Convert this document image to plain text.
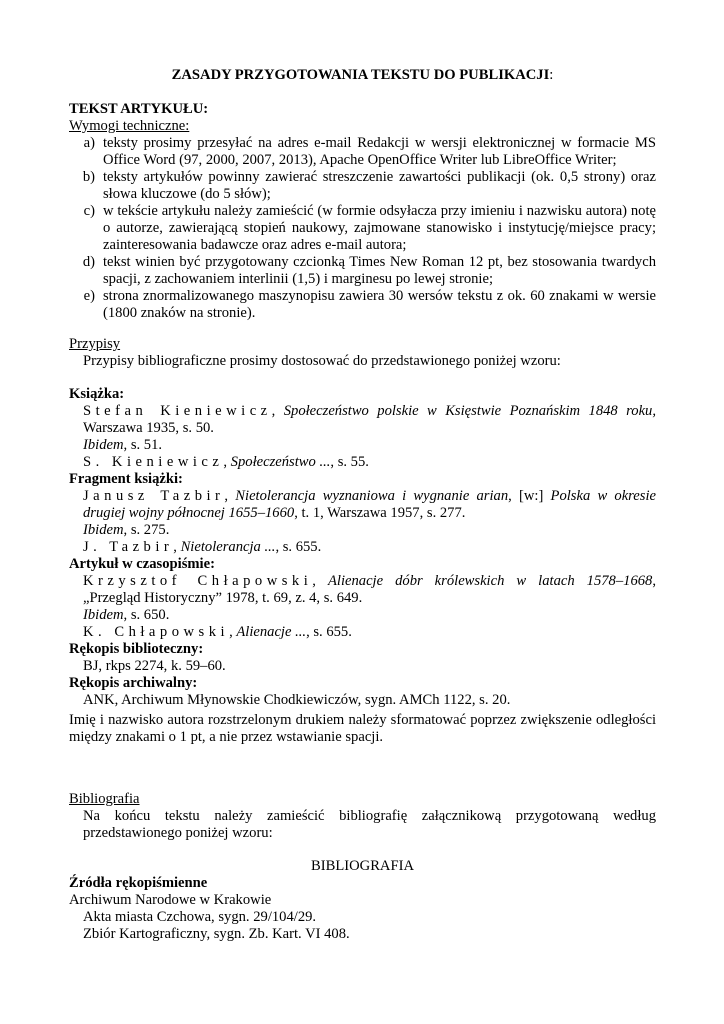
ZASADY PRZYGOTOWANIA TEKSTU DO PUBLIKACJI:
TEKST ARTYKUŁU:
Wymogi techniczne:
a) teksty prosimy przesyłać na adres e-mail Redakcji w wersji elektronicznej w formacie MS Office Word (97, 2000, 2007, 2013), Apache OpenOffice Writer lub LibreOffice Writer;
b) teksty artykułów powinny zawierać streszczenie zawartości publikacji (ok. 0,5 strony) oraz słowa kluczowe (do 5 słów);
c) w tekście artykułu należy zamieścić (w formie odsyłacza przy imieniu i nazwisku autora) notę o autorze, zawierającą stopień naukowy, zajmowane stanowisko i instytucję/miejsce pracy; zainteresowania badawcze oraz adres e-mail autora;
d) tekst winien być przygotowany czcionką Times New Roman 12 pt, bez stosowania twardych spacji, z zachowaniem interlinii (1,5) i marginesu po lewej stronie;
e) strona znormalizowanego maszynopisu zawiera 30 wersów tekstu z ok. 60 znakami w wersie (1800 znaków na stronie).
Przypisy
Przypisy bibliograficzne prosimy dostosować do przedstawionego poniżej wzoru:
Książka:
Stefan Kieniewicz, Społeczeństwo polskie w Księstwie Poznańskim 1848 roku, Warszawa 1935, s. 50.
Ibidem, s. 51.
S. Kieniewicz, Społeczeństwo ..., s. 55.
Fragment książki:
Janusz Tazbir, Nietolerancja wyznaniowa i wygnanie arian, [w:] Polska w okresie drugiej wojny północnej 1655–1660, t. 1, Warszawa 1957, s. 277.
Ibidem, s. 275.
J. Tazbir, Nietolerancja ..., s. 655.
Artykuł w czasopiśmie:
Krzysztof Chłapowski, Alienacje dóbr królewskich w latach 1578–1668, „Przegląd Historyczny” 1978, t. 69, z. 4, s. 649.
Ibidem, s. 650.
K. Chłapowski, Alienacje ..., s. 655.
Rękopis biblioteczny:
BJ, rkps 2274, k. 59–60.
Rękopis archiwalny:
ANK, Archiwum Młynowskie Chodkiewiczów, sygn. AMCh 1122, s. 20.
Imię i nazwisko autora rozstrzelonym drukiem należy sformatować poprzez zwiększenie odległości między znakami o 1 pt, a nie przez wstawianie spacji.
Bibliografia
Na końcu tekstu należy zamieścić bibliografię załącznikową przygotowaną według przedstawionego poniżej wzoru:
BIBLIOGRAFIA
Źródła rękopiśmienne
Archiwum Narodowe w Krakowie
Akta miasta Czchowa, sygn. 29/104/29.
Zbiór Kartograficzny, sygn. Zb. Kart. VI 408.
